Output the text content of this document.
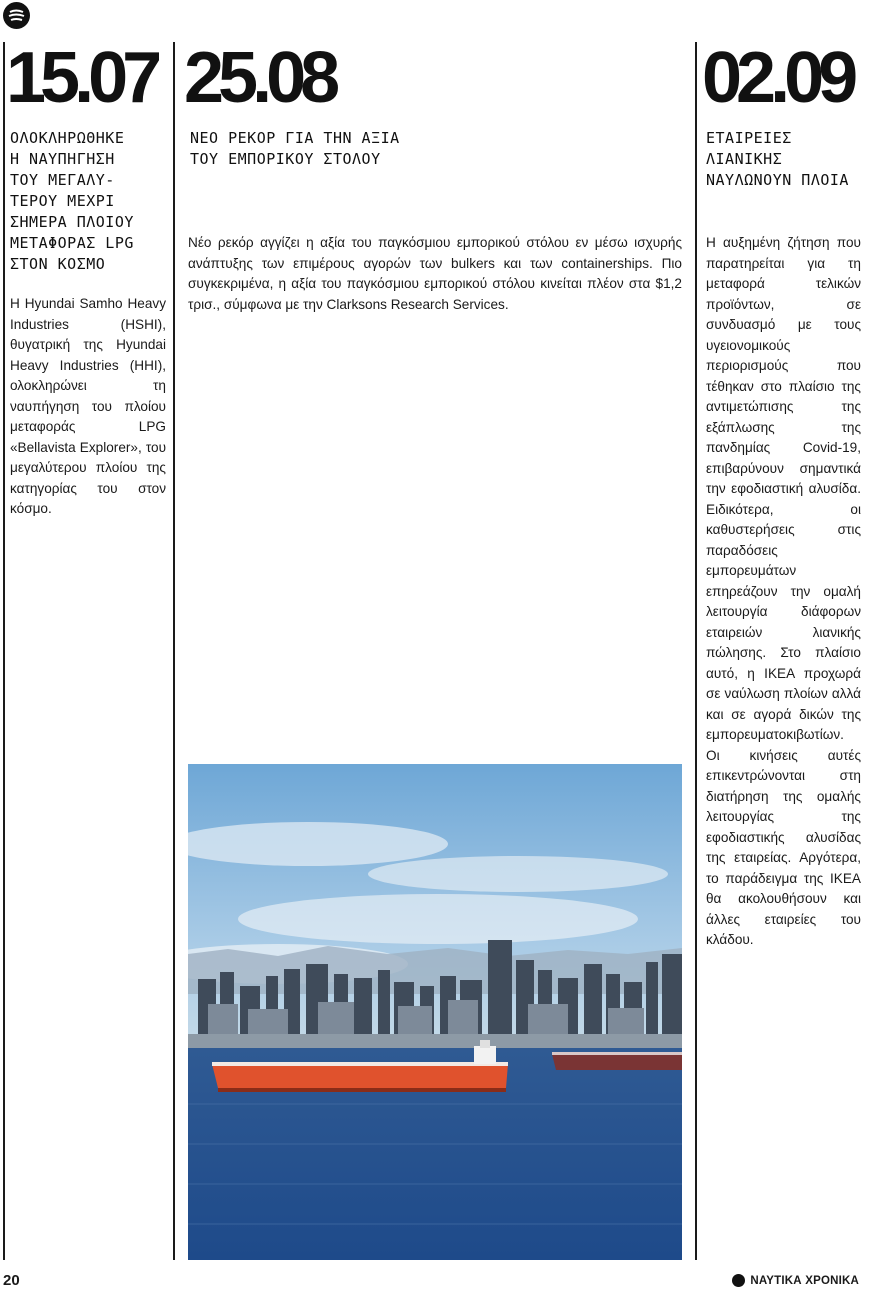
15.07
ΟΛΟΚΛΗΡΩΘΗΚΕ
Η ΝΑΥΠΗΓΗΣΗ
ΤΟΥ ΜΕΓΑΛΥ-
ΤΕΡΟΥ ΜΕΧΡΙ
ΣΗΜΕΡΑ ΠΛΟΙΟΥ
ΜΕΤΑΦΟΡΑΣ LPG
ΣΤΟΝ ΚΟΣΜΟ
Η Hyundai Samho Heavy Industries (HSHI), θυγατρική της Hyundai Heavy Industries (HHI), ολοκληρώνει τη ναυπήγηση του πλοίου μεταφοράς LPG «Bellavista Explorer», του μεγαλύτερου πλοίου της κατηγορίας του στον κόσμο.
25.08
ΝΕΟ ΡΕΚΟΡ ΓΙΑ ΤΗΝ ΑΞΙΑ
ΤΟΥ ΕΜΠΟΡΙΚΟΥ ΣΤΟΛΟΥ
Νέο ρεκόρ αγγίζει η αξία του παγκόσμιου εμπορικού στόλου εν μέσω ισχυρής ανάπτυξης των επιμέρους αγορών των bulkers και των containerships. Πιο συγκεκριμένα, η αξία του παγκόσμιου εμπορικού στόλου κινείται πλέον στα $1,2 τρισ., σύμφωνα με την Clarksons Research Services.
02.09
ΕΤΑΙΡΕΙΕΣ
ΛΙΑΝΙΚΗΣ
ΝΑΥΛΩΝΟΥΝ ΠΛΟΙΑ
Η αυξημένη ζήτηση που παρατηρείται για τη μεταφορά τελικών προϊόντων, σε συνδυασμό με τους υγειονομικούς περιορισμούς που τέθηκαν στο πλαίσιο της αντιμετώπισης της εξάπλωσης της πανδημίας Covid-19, επιβαρύνουν σημαντικά την εφοδιαστική αλυσίδα. Ειδικότερα, οι καθυστερήσεις στις παραδόσεις εμπορευμάτων επηρεάζουν την ομαλή λειτουργία διάφορων εταιρειών λιανικής πώλησης. Στο πλαίσιο αυτό, η IKEA προχωρά σε ναύλωση πλοίων αλλά και σε αγορά δικών της εμπορευματοκιβωτίων. Οι κινήσεις αυτές επικεντρώνονται στη διατήρηση της ομαλής λειτουργίας της εφοδιαστικής αλυσίδας της εταιρείας. Αργότερα, το παράδειγμα της IKEA θα ακολουθήσουν και άλλες εταιρείες του κλάδου.
20	ΝΑΥΤΙΚΑ ΧΡΟΝΙΚΑ
